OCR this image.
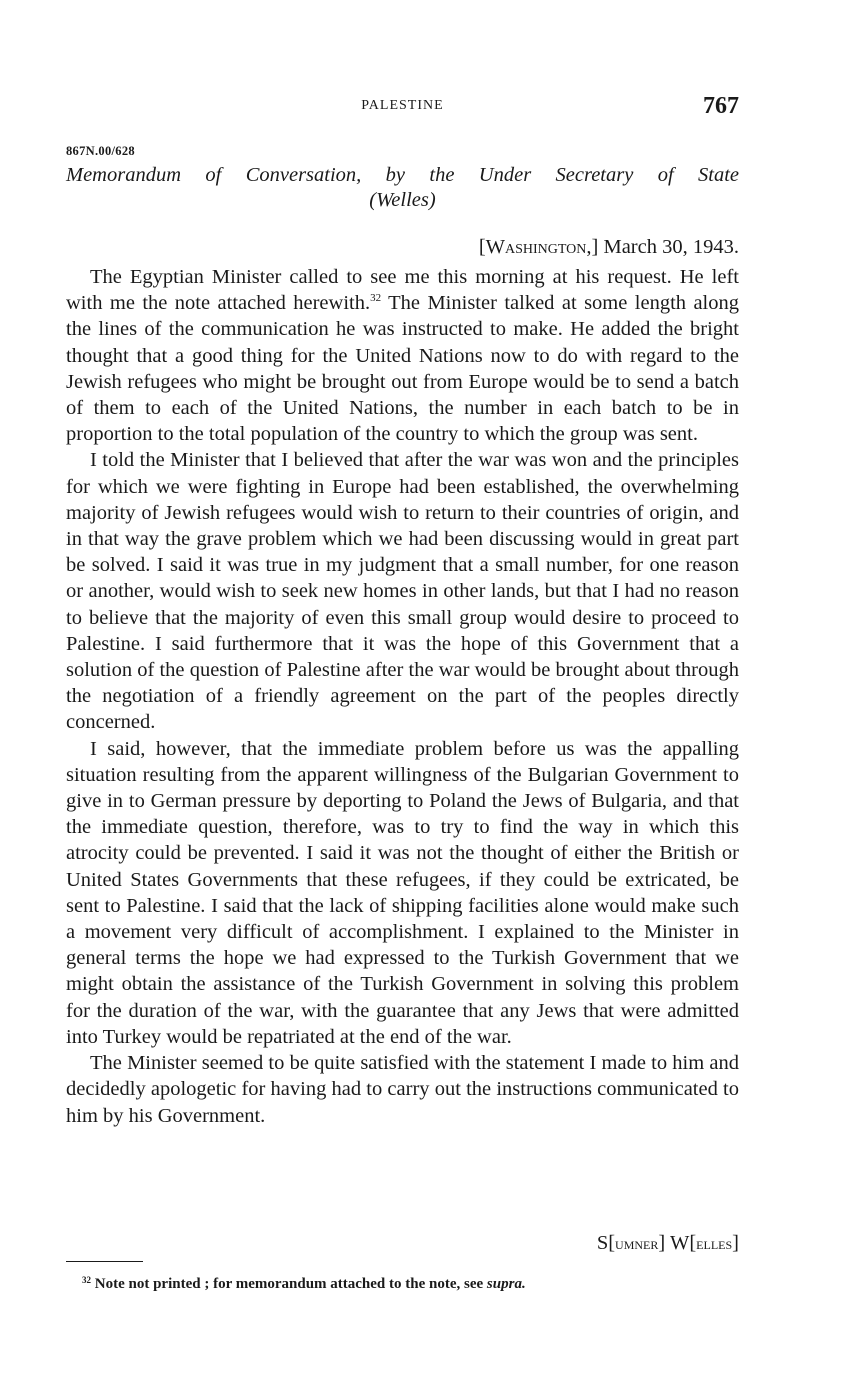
PALESTINE	767
867N.00/628
Memorandum of Conversation, by the Under Secretary of State
(Welles)
[Washington,] March 30, 1943.

The Egyptian Minister called to see me this morning at his request. He left with me the note attached herewith.$^{32}$ The Minister talked at some length along the lines of the communication he was instructed to make. He added the bright thought that a good thing for the United Nations now to do with regard to the Jewish refugees who might be brought out from Europe would be to send a batch of them to each of the United Nations, the number in each batch to be in proportion to the total population of the country to which the group was sent.

I told the Minister that I believed that after the war was won and the principles for which we were fighting in Europe had been established, the overwhelming majority of Jewish refugees would wish to return to their countries of origin, and in that way the grave problem which we had been discussing would in great part be solved. I said it was true in my judgment that a small number, for one reason or another, would wish to seek new homes in other lands, but that I had no reason to believe that the majority of even this small group would desire to proceed to Palestine. I said furthermore that it was the hope of this Government that a solution of the question of Palestine after the war would be brought about through the negotiation of a friendly agreement on the part of the peoples directly concerned.

I said, however, that the immediate problem before us was the appalling situation resulting from the apparent willingness of the Bulgarian Government to give in to German pressure by deporting to Poland the Jews of Bulgaria, and that the immediate question, therefore, was to try to find the way in which this atrocity could be prevented. I said it was not the thought of either the British or United States Governments that these refugees, if they could be extricated, be sent to Palestine. I said that the lack of shipping facilities alone would make such a movement very difficult of accomplishment. I explained to the Minister in general terms the hope we had expressed to the Turkish Government that we might obtain the assistance of the Turkish Government in solving this problem for the duration of the war, with the guarantee that any Jews that were admitted into Turkey would be repatriated at the end of the war.

The Minister seemed to be quite satisfied with the statement I made to him and decidedly apologetic for having had to carry out the instructions communicated to him by his Government.

S[umner] W[elles]
$^{32}$ Note not printed ; for memorandum attached to the note, see supra.
